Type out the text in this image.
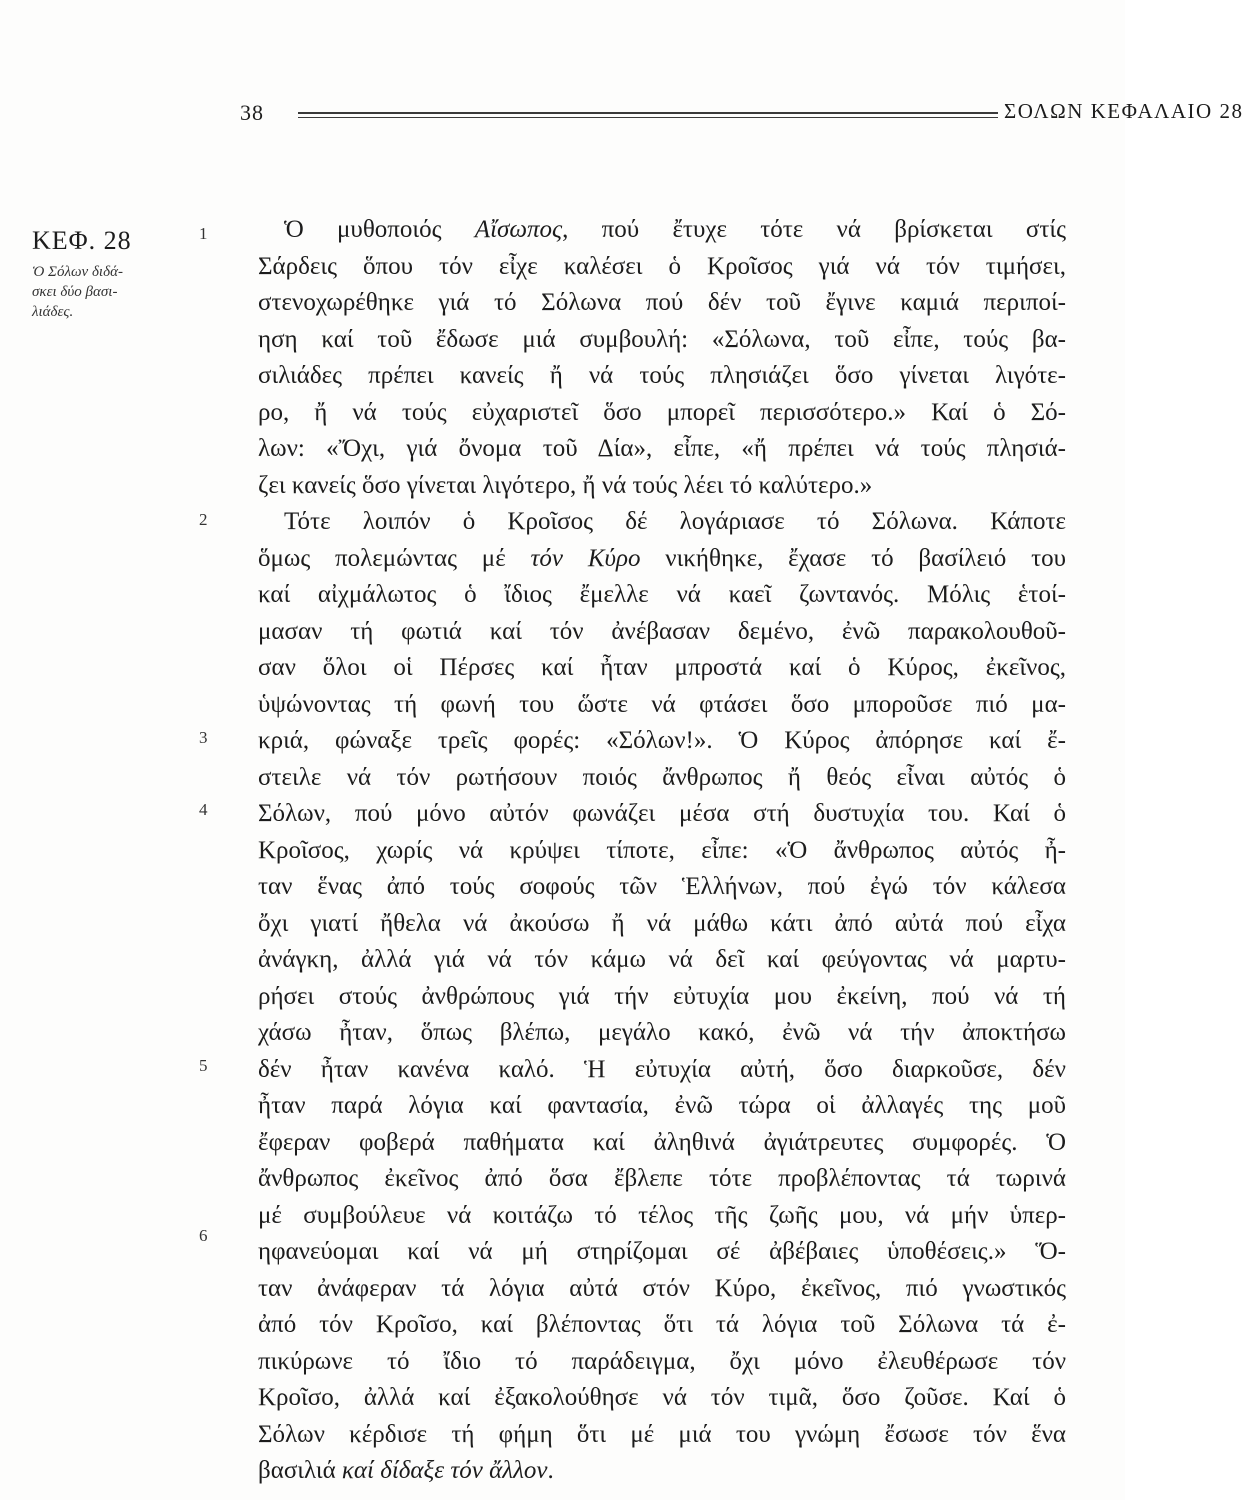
38	ΣΟΛΩΝ ΚΕΦΑΛΑΙΟ 28
ΚΕΦ. 28
Ὁ Σόλων διδά-
σκει δύο βασι-
λιάδες.
1
2
3
4
5
6
Ὁ μυθοποιός Αἴσωπος, πού ἔτυχε τότε νά βρίσκεται στίς
Σάρδεις ὅπου τόν εἶχε καλέσει ὁ Κροῖσος γιά νά τόν τιμήσει,
στενοχωρέθηκε γιά τό Σόλωνα πού δέν τοῦ ἔγινε καμιά περιποί-
ηση καί τοῦ ἔδωσε μιά συμβουλή: «Σόλωνα, τοῦ εἶπε, τούς βα-
σιλιάδες πρέπει κανείς ἤ νά τούς πλησιάζει ὅσο γίνεται λιγότε-
ρο, ἤ νά τούς εὐχαριστεῖ ὅσο μπορεῖ περισσότερο.» Καί ὁ Σό-
λων: «Ὄχι, γιά ὄνομα τοῦ Δία», εἶπε, «ἤ πρέπει νά τούς πλησιά-
ζει κανείς ὅσο γίνεται λιγότερο, ἤ νά τούς λέει τό καλύτερο.»
Τότε λοιπόν ὁ Κροῖσος δέ λογάριασε τό Σόλωνα. Κάποτε
ὅμως πολεμώντας μέ τόν Κύρο νικήθηκε, ἔχασε τό βασίλειό του
καί αἰχμάλωτος ὁ ἴδιος ἔμελλε νά καεῖ ζωντανός. Μόλις ἑτοί-
μασαν τή φωτιά καί τόν ἀνέβασαν δεμένο, ἐνῶ παρακολουθοῦ-
σαν ὅλοι οἱ Πέρσες καί ἦταν μπροστά καί ὁ Κύρος, ἐκεῖνος,
ὑψώνοντας τή φωνή του ὥστε νά φτάσει ὅσο μποροῦσε πιό μα-
κριά, φώναξε τρεῖς φορές: «Σόλων!». Ὁ Κύρος ἀπόρησε καί ἔ-
στειλε νά τόν ρωτήσουν ποιός ἄνθρωπος ἤ θεός εἶναι αὐτός ὁ
Σόλων, πού μόνο αὐτόν φωνάζει μέσα στή δυστυχία του. Καί ὁ
Κροῖσος, χωρίς νά κρύψει τίποτε, εἶπε: «Ὁ ἄνθρωπος αὐτός ἦ-
ταν ἕνας ἀπό τούς σοφούς τῶν Ἑλλήνων, πού ἐγώ τόν κάλεσα
ὄχι γιατί ἤθελα νά ἀκούσω ἤ νά μάθω κάτι ἀπό αὐτά πού εἶχα
ἀνάγκη, ἀλλά γιά νά τόν κάμω νά δεῖ καί φεύγοντας νά μαρτυ-
ρήσει στούς ἀνθρώπους γιά τήν εὐτυχία μου ἐκείνη, πού νά τή
χάσω ἦταν, ὅπως βλέπω, μεγάλο κακό, ἐνῶ νά τήν ἀποκτήσω
δέν ἦταν κανένα καλό. Ἡ εὐτυχία αὐτή, ὅσο διαρκοῦσε, δέν
ἦταν παρά λόγια καί φαντασία, ἐνῶ τώρα οἱ ἀλλαγές της μοῦ
ἔφεραν φοβερά παθήματα καί ἀληθινά ἀγιάτρευτες συμφορές. Ὁ
ἄνθρωπος ἐκεῖνος ἀπό ὅσα ἔβλεπε τότε προβλέποντας τά τωρινά
μέ συμβούλευε νά κοιτάζω τό τέλος τῆς ζωῆς μου, νά μήν ὑπερ-
ηφανεύομαι καί νά μή στηρίζομαι σέ ἀβέβαιες ὑποθέσεις.» Ὅ-
ταν ἀνάφεραν τά λόγια αὐτά στόν Κύρο, ἐκεῖνος, πιό γνωστικός
ἀπό τόν Κροῖσο, καί βλέποντας ὅτι τά λόγια τοῦ Σόλωνα τά ἐ-
πικύρωνε τό ἴδιο τό παράδειγμα, ὄχι μόνο ἐλευθέρωσε τόν
Κροῖσο, ἀλλά καί ἐξακολούθησε νά τόν τιμᾶ, ὅσο ζοῦσε. Καί ὁ
Σόλων κέρδισε τή φήμη ὅτι μέ μιά του γνώμη ἔσωσε τόν ἕνα
βασιλιά καί δίδαξε τόν ἄλλον.
